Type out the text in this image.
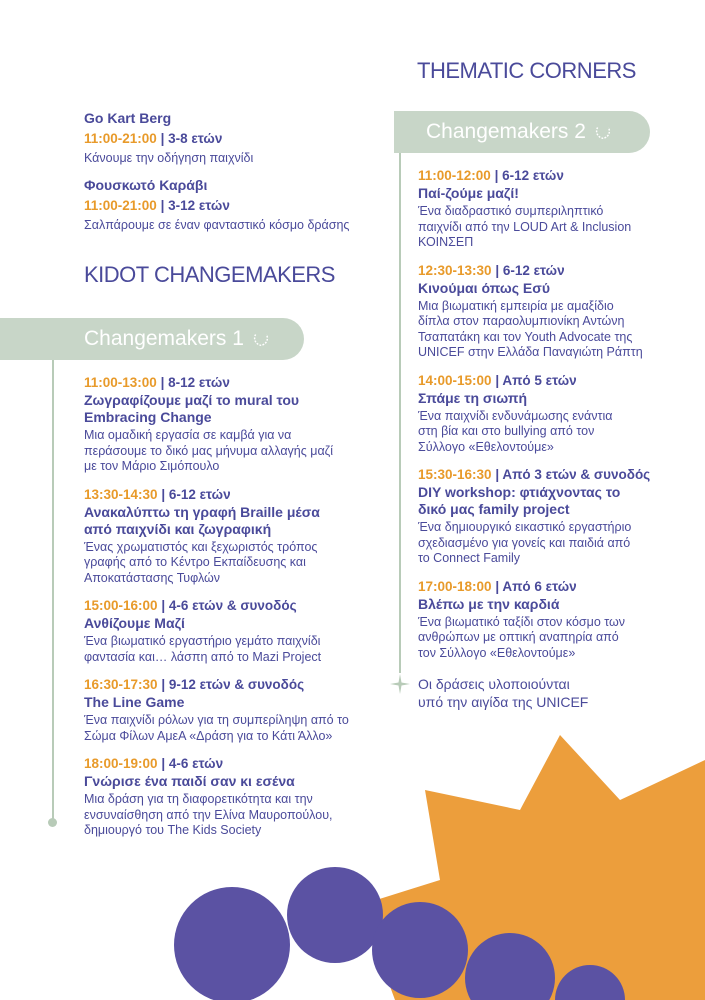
THEMATIC CORNERS
Go Kart Berg
11:00-21:00 | 3-8 ετών
Κάνουμε την οδήγηση παιχνίδι
Φουσκωτό Καράβι
11:00-21:00 | 3-12 ετών
Σαλπάρουμε σε έναν φανταστικό κόσμο δράσης
KIDOT CHANGEMAKERS
Changemakers 1
11:00-13:00 | 8-12 ετών
Ζωγραφίζουμε μαζί το mural του
Embracing Change
Μια ομαδική εργασία σε καμβά για να
περάσουμε το δικό μας μήνυμα αλλαγής μαζί
με τον Μάριο Σιμόπουλο
13:30-14:30 | 6-12 ετών
Ανακαλύπτω τη γραφή Braille μέσα
από παιχνίδι και ζωγραφική
Ένας χρωματιστός και ξεχωριστός τρόπος
γραφής από το Κέντρο Εκπαίδευσης και
Αποκατάστασης Τυφλών
15:00-16:00 | 4-6 ετών & συνοδός
Ανθίζουμε Μαζί
Ένα βιωματικό εργαστήριο γεμάτο παιχνίδι
φαντασία και… λάσπη από το Mazi Project
16:30-17:30 | 9-12 ετών & συνοδός
The Line Game
Ένα παιχνίδι ρόλων για τη συμπερίληψη από το
Σώμα Φίλων ΑμεΑ «Δράση για το Κάτι Άλλο»
18:00-19:00 | 4-6 ετών
Γνώρισε ένα παιδί σαν κι εσένα
Μια δράση για τη διαφορετικότητα και την
ενσυναίσθηση από την Ελίνα Μαυροπούλου,
δημιουργό του The Kids Society
Changemakers 2
11:00-12:00 | 6-12 ετών
Παί-ζούμε μαζί!
Ένα διαδραστικό συμπεριληπτικό
παιχνίδι από την LOUD Art & Inclusion
ΚΟΙΝΣΕΠ
12:30-13:30 | 6-12 ετών
Κινούμαι όπως Εσύ
Μια βιωματική εμπειρία με αμαξίδιο
δίπλα στον παραολυμπιονίκη Αντώνη
Τσαπατάκη και τον Youth Advocate της
UNICEF στην Ελλάδα Παναγιώτη Ράπτη
14:00-15:00 | Από 5 ετών
Σπάμε τη σιωπή
Ένα παιχνίδι ενδυνάμωσης ενάντια
στη βία και στο bullying από τον
Σύλλογο «Εθελοντούμε»
15:30-16:30 | Από 3 ετών & συνοδός
DIY workshop: φτιάχνοντας το
δικό μας family project
Ένα δημιουργικό εικαστικό εργαστήριο
σχεδιασμένο για γονείς και παιδιά από
το Connect Family
17:00-18:00 | Από 6 ετών
Βλέπω με την καρδιά
Ένα βιωματικό ταξίδι στον κόσμο των
ανθρώπων με οπτική αναπηρία από
τον Σύλλογο «Εθελοντούμε»
Οι δράσεις υλοποιούνται
υπό την αιγίδα της UNICEF
